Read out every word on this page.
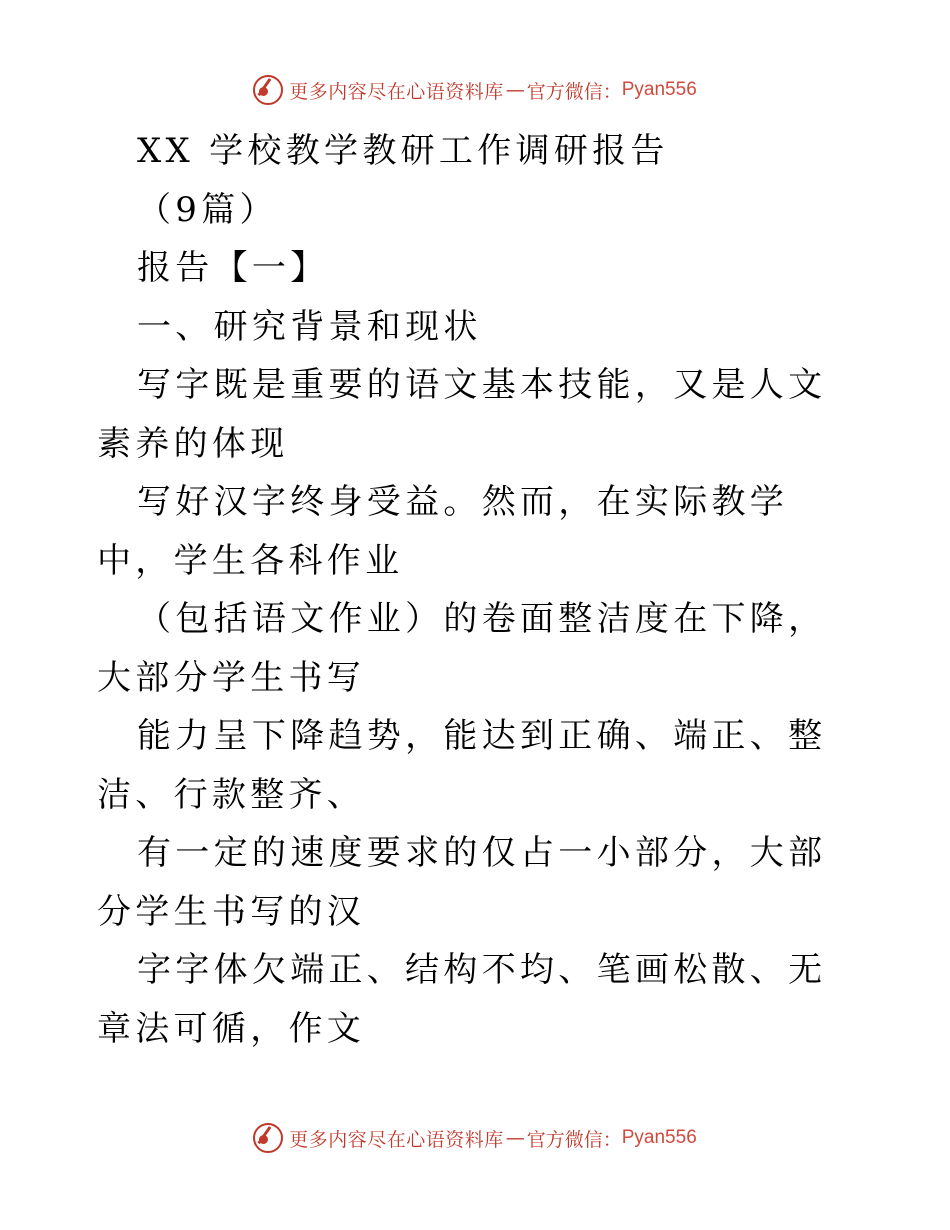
更多内容尽在心语资料库 — 官方微信： Pyan556

XX 学校教学教研工作调研报告

（9篇）

报告【一】

一、研究背景和现状

写字既是重要的语文基本技能，又是人文素养的体现

写好汉字终身受益。然而，在实际教学中，学生各科作业

（包括语文作业）的卷面整洁度在下降，大部分学生书写

能力呈下降趋势，能达到正确、端正、整洁、行款整齐、

有一定的速度要求的仅占一小部分，大部分学生书写的汉

字字体欠端正、结构不均、笔画松散、无章法可循，作文

更多内容尽在心语资料库 — 官方微信： Pyan556
